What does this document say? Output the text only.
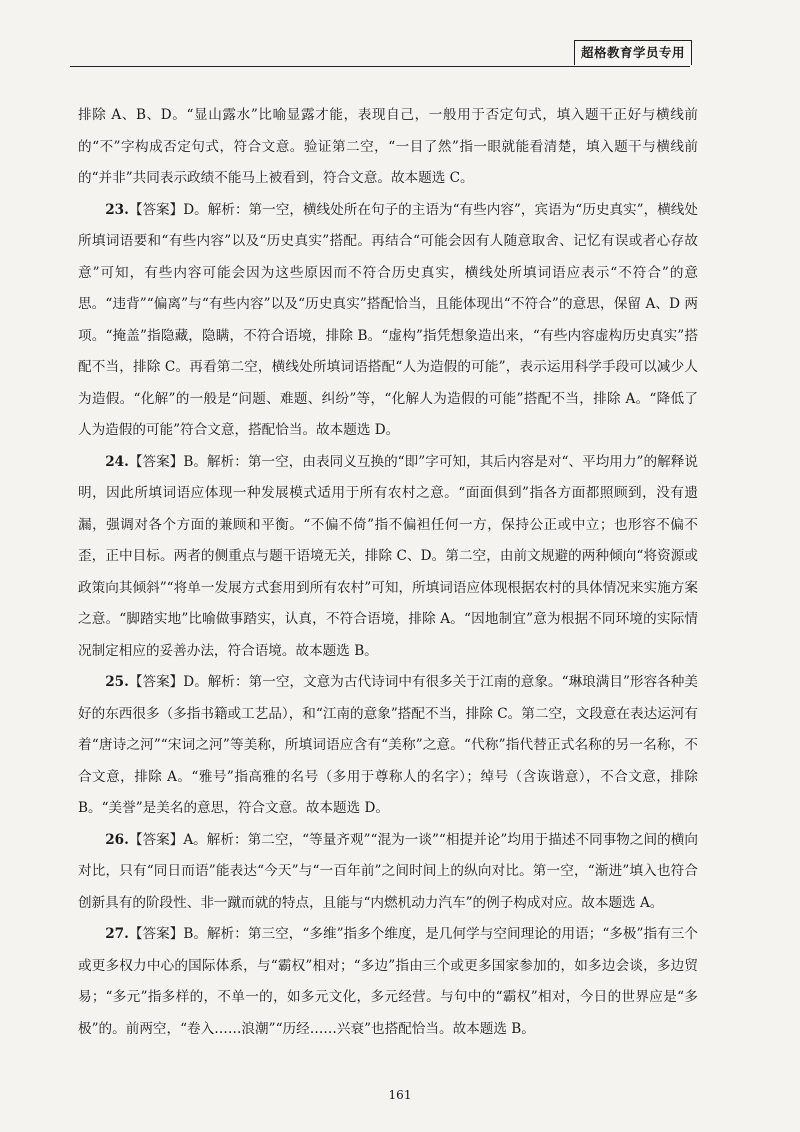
超格教育学员专用

排除 A、B、D。“显山露水”比喻显露才能，表现自己，一般用于否定句式，填入题干正好与横线前的“不”字构成否定句式，符合文意。验证第二空，“一目了然”指一眼就能看清楚，填入题干与横线前的“并非”共同表示政绩不能马上被看到，符合文意。故本题选 C。

23.【答案】D。解析：第一空，横线处所在句子的主语为“有些内容”，宾语为“历史真实”，横线处所填词语要和“有些内容”以及“历史真实”搭配。再结合“可能会因有人随意取舍、记忆有误或者心存故意”可知，有些内容可能会因为这些原因而不符合历史真实，横线处所填词语应表示“不符合”的意思。“违背”“偏离”与“有些内容”以及“历史真实”搭配恰当，且能体现出“不符合”的意思，保留 A、D 两项。“掩盖”指隐藏，隐瞒，不符合语境，排除 B。“虚构”指凭想象造出来，“有些内容虚构历史真实”搭配不当，排除 C。再看第二空，横线处所填词语搭配“人为造假的可能”，表示运用科学手段可以减少人为造假。“化解”的一般是“问题、难题、纠纷”等，“化解人为造假的可能”搭配不当，排除 A。“降低了人为造假的可能”符合文意，搭配恰当。故本题选 D。

24.【答案】B。解析：第一空，由表同义互换的“即”字可知，其后内容是对“、平均用力”的解释说明，因此所填词语应体现一种发展模式适用于所有农村之意。“面面俱到”指各方面都照顾到，没有遗漏，强调对各个方面的兼顾和平衡。“不偏不倚”指不偏袒任何一方，保持公正或中立；也形容不偏不歪，正中目标。两者的侧重点与题干语境无关，排除 C、D。第二空，由前文规避的两种倾向“将资源或政策向其倾斜”“将单一发展方式套用到所有农村”可知，所填词语应体现根据农村的具体情况来实施方案之意。“脚踏实地”比喻做事踏实，认真，不符合语境，排除 A。“因地制宜”意为根据不同环境的实际情况制定相应的妥善办法，符合语境。故本题选 B。

25.【答案】D。解析：第一空，文意为古代诗词中有很多关于江南的意象。“琳琅满目”形容各种美好的东西很多（多指书籍或工艺品），和“江南的意象”搭配不当，排除 C。第二空，文段意在表达运河有着“唐诗之河”“宋词之河”等美称，所填词语应含有“美称”之意。“代称”指代替正式名称的另一名称，不合文意，排除 A。“雅号”指高雅的名号（多用于尊称人的名字）；绰号（含诙谐意），不合文意，排除 B。“美誉”是美名的意思，符合文意。故本题选 D。

26.【答案】A。解析：第二空，“等量齐观”“混为一谈”“相提并论”均用于描述不同事物之间的横向对比，只有“同日而语”能表达“今天”与“一百年前”之间时间上的纵向对比。第一空，“渐进”填入也符合创新具有的阶段性、非一蹴而就的特点，且能与“内燃机动力汽车”的例子构成对应。故本题选 A。

27.【答案】B。解析：第三空，“多维”指多个维度，是几何学与空间理论的用语；“多极”指有三个或更多权力中心的国际体系，与“霸权”相对；“多边”指由三个或更多国家参加的，如多边会谈，多边贸易；“多元”指多样的，不单一的，如多元文化，多元经营。与句中的“霸权”相对，今日的世界应是“多极”的。前两空，“卷入……浪潮”“历经……兴衰”也搭配恰当。故本题选 B。

161
